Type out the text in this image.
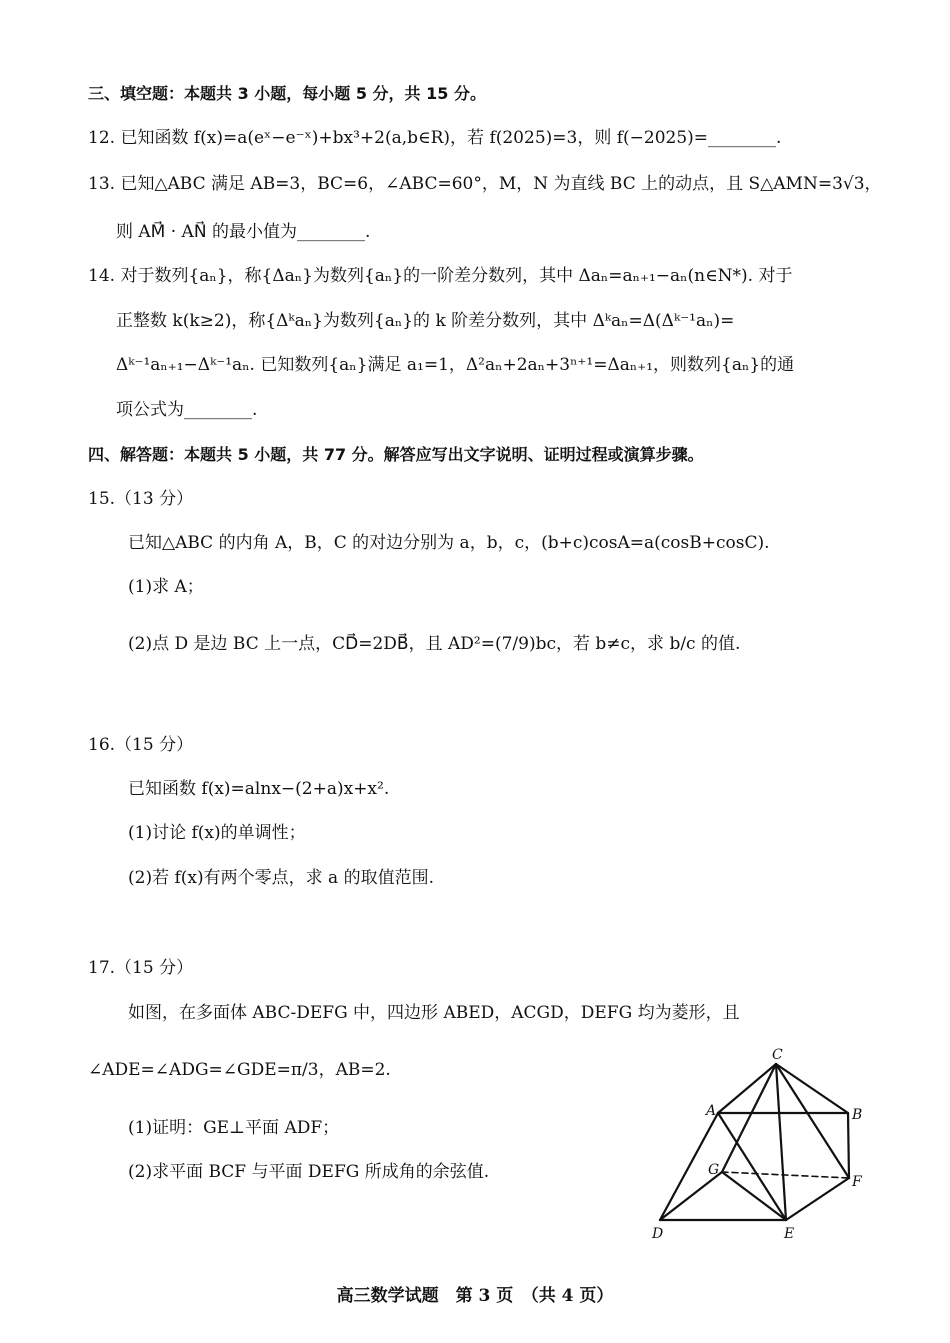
三、填空题：本题共 3 小题，每小题 5 分，共 15 分。
12. 已知函数 f(x)=a(eˣ−e⁻ˣ)+bx³+2(a,b∈R)，若 f(2025)=3，则 f(−2025)=________.
13. 已知△ABC 满足 AB=3，BC=6，∠ABC=60°，M，N 为直线 BC 上的动点，且 S△AMN=3√3，
则 AM⃗ · AN⃗ 的最小值为________.
14. 对于数列{aₙ}，称{Δaₙ}为数列{aₙ}的一阶差分数列，其中 Δaₙ=aₙ₊₁−aₙ(n∈N*). 对于
正整数 k(k≥2)，称{Δᵏaₙ}为数列{aₙ}的 k 阶差分数列，其中 Δᵏaₙ=Δ(Δᵏ⁻¹aₙ)=
Δᵏ⁻¹aₙ₊₁−Δᵏ⁻¹aₙ. 已知数列{aₙ}满足 a₁=1，Δ²aₙ+2aₙ+3ⁿ⁺¹=Δaₙ₊₁，则数列{aₙ}的通
项公式为________.
四、解答题：本题共 5 小题，共 77 分。解答应写出文字说明、证明过程或演算步骤。
15.（13 分）
已知△ABC 的内角 A，B，C 的对边分别为 a，b，c，(b+c)cosA=a(cosB+cosC).
(1)求 A；
(2)点 D 是边 BC 上一点，CD⃗=2DB⃗，且 AD²=(7/9)bc，若 b≠c，求 b/c 的值.
16.（15 分）
已知函数 f(x)=alnx−(2+a)x+x².
(1)讨论 f(x)的单调性；
(2)若 f(x)有两个零点，求 a 的取值范围.
17.（15 分）
如图，在多面体 ABC-DEFG 中，四边形 ABED，ACGD，DEFG 均为菱形，且
∠ADE=∠ADG=∠GDE=π/3，AB=2.
(1)证明：GE⊥平面 ADF；
(2)求平面 BCF 与平面 DEFG 所成角的余弦值.
C
A	B
G
F
D	E
高三数学试题　第 3 页　（共 4 页）
